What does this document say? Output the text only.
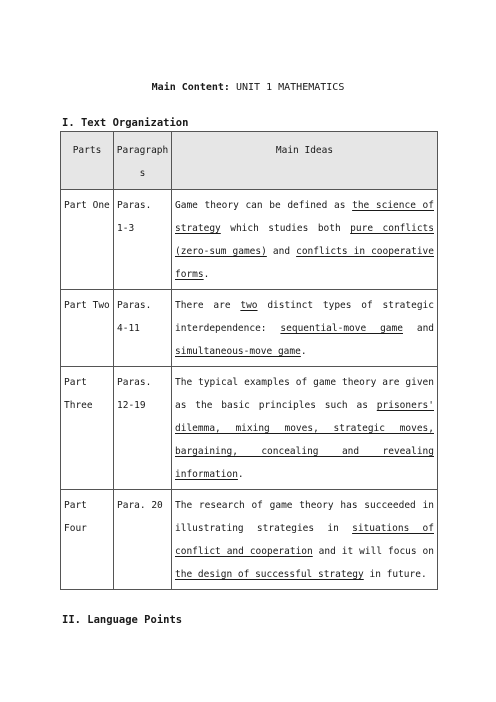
Main Content: UNIT 1 MATHEMATICS
I. Text Organization
Parts	Paragraphs	Main Ideas
Part One	Paras. 1-3	Game theory can be defined as the science of strategy which studies both pure conflicts (zero-sum games) and conflicts in cooperative forms.
Part Two	Paras. 4-11	There are two distinct types of strategic interdependence: sequential-move game and simultaneous-move game.
Part Three	Paras. 12-19	The typical examples of game theory are given as the basic principles such as prisoners' dilemma, mixing moves, strategic moves, bargaining, concealing and revealing information.
Part Four	Para. 20	The research of game theory has succeeded in illustrating strategies in situations of conflict and cooperation and it will focus on the design of successful strategy in future.
II. Language Points
